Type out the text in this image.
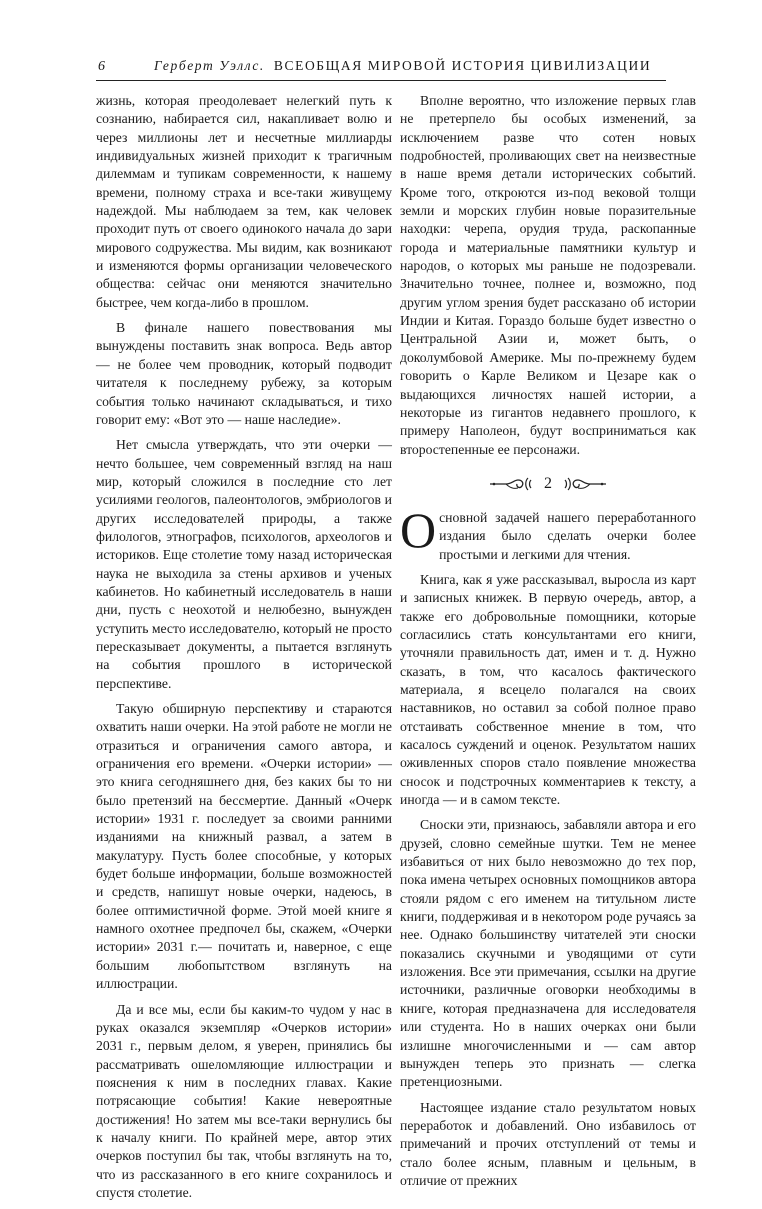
6	Герберт Уэллс. ВСЕОБЩАЯ МИРОВОЙ ИСТОРИЯ ЦИВИЛИЗАЦИИ

жизнь, которая преодолевает нелегкий путь к сознанию, набирается сил, накапливает волю и через миллионы лет и несчетные миллиарды индивидуальных жизней приходит к трагичным дилеммам и тупикам современности, к нашему времени, полному страха и все-таки живущему надеждой. Мы наблюдаем за тем, как человек проходит путь от своего одинокого начала до зари мирового содружества. Мы видим, как возникают и изменяются формы организации человеческого общества: сейчас они меняются значительно быстрее, чем когда-либо в прошлом.

В финале нашего повествования мы вынуждены поставить знак вопроса. Ведь автор — не более чем проводник, который подводит читателя к последнему рубежу, за которым события только начинают складываться, и тихо говорит ему: «Вот это — наше наследие».

Нет смысла утверждать, что эти очерки — нечто большее, чем современный взгляд на наш мир, который сложился в последние сто лет усилиями геологов, палеонтологов, эмбриологов и других исследователей природы, а также филологов, этнографов, психологов, археологов и историков. Еще столетие тому назад историческая наука не выходила за стены архивов и ученых кабинетов. Но кабинетный исследователь в наши дни, пусть с неохотой и нелюбезно, вынужден уступить место исследователю, который не просто пересказывает документы, а пытается взглянуть на события прошлого в исторической перспективе.

Такую обширную перспективу и стараются охватить наши очерки. На этой работе не могли не отразиться и ограничения самого автора, и ограничения его времени. «Очерки истории» — это книга сегодняшнего дня, без каких бы то ни было претензий на бессмертие. Данный «Очерк истории» 1931 г. последует за своими ранними изданиями на книжный развал, а затем в макулатуру. Пусть более способные, у которых будет больше информации, больше возможностей и средств, напишут новые очерки, надеюсь, в более оптимистичной форме. Этой моей книге я намного охотнее предпочел бы, скажем, «Очерки истории» 2031 г.— почитать и, наверное, с еще большим любопытством взглянуть на иллюстрации.

Да и все мы, если бы каким-то чудом у нас в руках оказался экземпляр «Очерков истории» 2031 г., первым делом, я уверен, принялись бы рассматривать ошеломляющие иллюстрации и пояснения к ним в последних главах. Какие потрясающие события! Какие невероятные достижения! Но затем мы все-таки вернулись бы к началу книги. По крайней мере, автор этих очерков поступил бы так, чтобы взглянуть на то, что из рассказанного в его книге сохранилось и спустя столетие.

Вполне вероятно, что изложение первых глав не претерпело бы особых изменений, за исключением разве что сотен новых подробностей, проливающих свет на неизвестные в наше время детали исторических событий. Кроме того, откроются из-под вековой толщи земли и морских глубин новые поразительные находки: черепа, орудия труда, раскопанные города и материальные памятники культур и народов, о которых мы раньше не подозревали. Значительно точнее, полнее и, возможно, под другим углом зрения будет рассказано об истории Индии и Китая. Гораздо больше будет известно о Центральной Азии и, может быть, о доколумбовой Америке. Мы по-прежнему будем говорить о Карле Великом и Цезаре как о выдающихся личностях нашей истории, а некоторые из гигантов недавнего прошлого, к примеру Наполеон, будут восприниматься как второстепенные ее персонажи.

2

Основной задачей нашего переработанного издания было сделать очерки более простыми и легкими для чтения.

Книга, как я уже рассказывал, выросла из карт и записных книжек. В первую очередь, автор, а также его добровольные помощники, которые согласились стать консультантами его книги, уточняли правильность дат, имен и т. д. Нужно сказать, в том, что касалось фактического материала, я всецело полагался на своих наставников, но оставил за собой полное право отстаивать собственное мнение в том, что касалось суждений и оценок. Результатом наших оживленных споров стало появление множества сносок и подстрочных комментариев к тексту, а иногда — и в самом тексте.

Сноски эти, признаюсь, забавляли автора и его друзей, словно семейные шутки. Тем не менее избавиться от них было невозможно до тех пор, пока имена четырех основных помощников автора стояли рядом с его именем на титульном листе книги, поддерживая и в некотором роде ручаясь за нее. Однако большинству читателей эти сноски показались скучными и уводящими от сути изложения. Все эти примечания, ссылки на другие источники, различные оговорки необходимы в книге, которая предназначена для исследователя или студента. Но в наших очерках они были излишне многочисленными и — сам автор вынужден теперь это признать — слегка претенциозными.

Настоящее издание стало результатом новых переработок и добавлений. Оно избавилось от примечаний и прочих отступлений от темы и стало более ясным, плавным и цельным, в отличие от прежних
